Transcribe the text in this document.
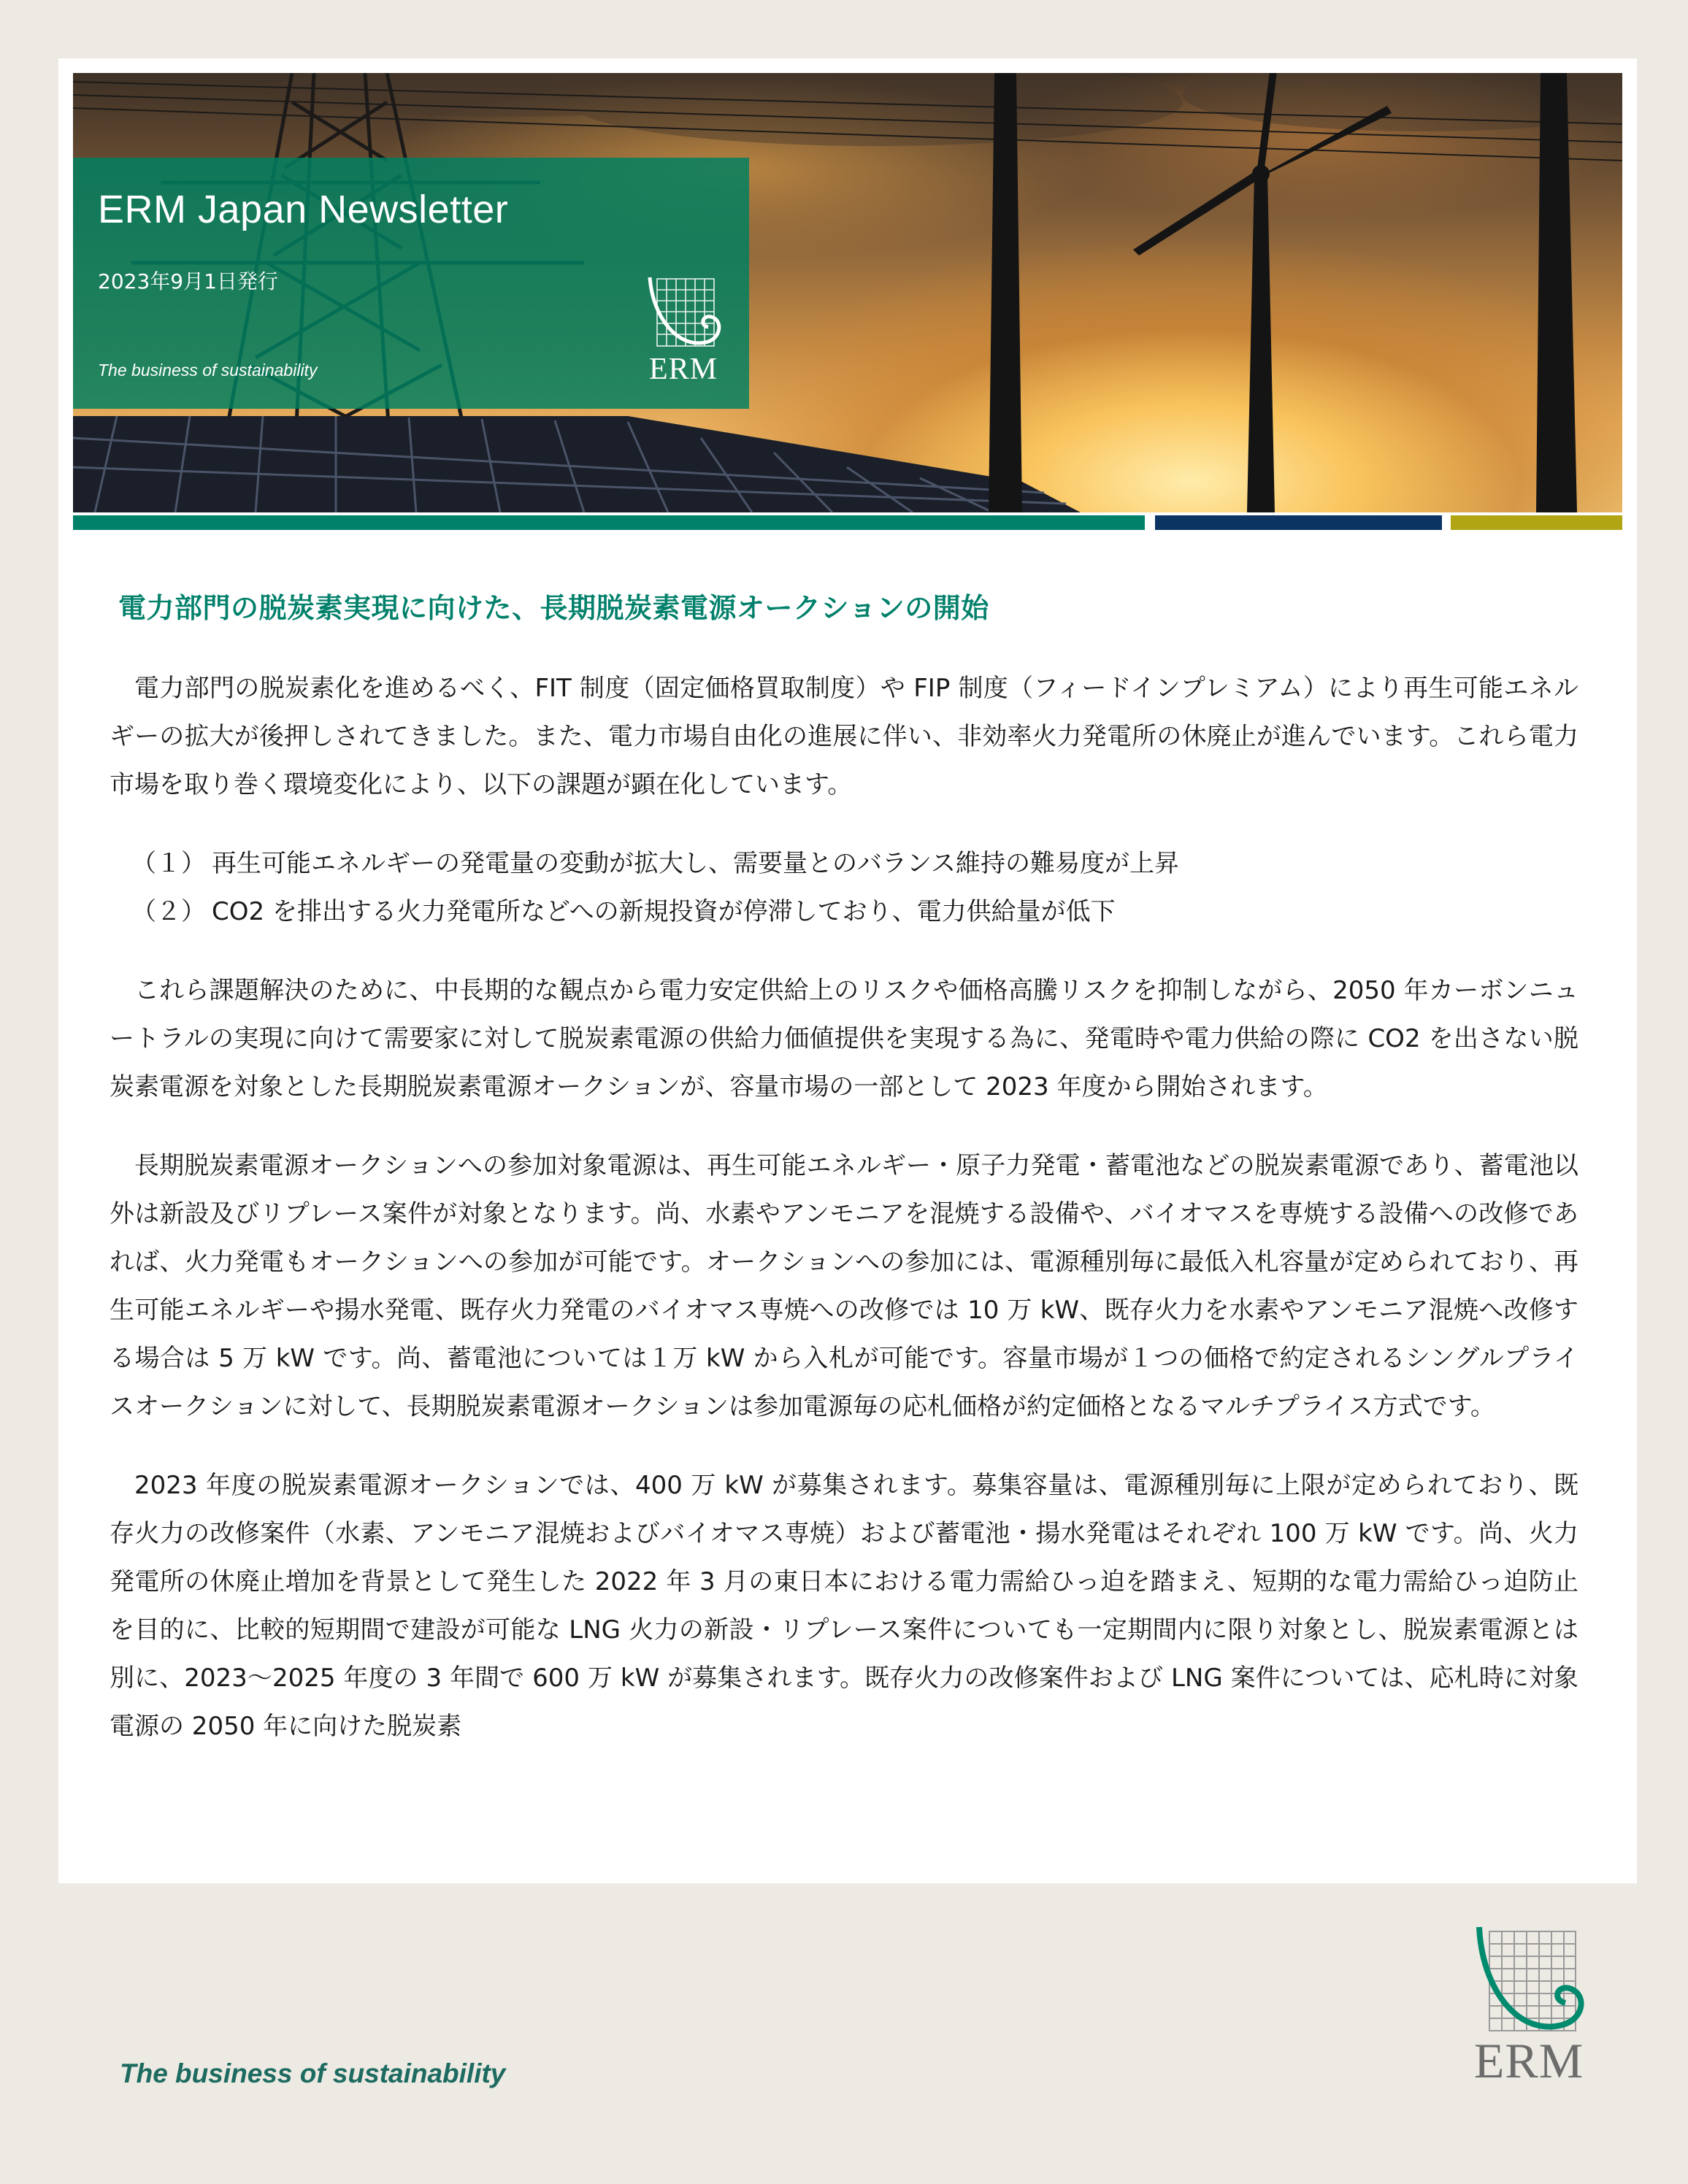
ERM Japan Newsletter
2023年9月1日発行
The business of sustainability	ERM
電力部門の脱炭素実現に向けた、長期脱炭素電源オークションの開始

電力部門の脱炭素化を進めるべく、FIT 制度（固定価格買取制度）や FIP 制度（フィードインプレミアム）により再生可能エネルギーの拡大が後押しされてきました。また、電力市場自由化の進展に伴い、非効率火力発電所の休廃止が進んでいます。これら電力市場を取り巻く環境変化により、以下の課題が顕在化しています。

（１） 再生可能エネルギーの発電量の変動が拡大し、需要量とのバランス維持の難易度が上昇
（２） CO2 を排出する火力発電所などへの新規投資が停滞しており、電力供給量が低下

これら課題解決のために、中長期的な観点から電力安定供給上のリスクや価格高騰リスクを抑制しながら、2050 年カーボンニュートラルの実現に向けて需要家に対して脱炭素電源の供給力価値提供を実現する為に、発電時や電力供給の際に CO2 を出さない脱炭素電源を対象とした長期脱炭素電源オークションが、容量市場の一部として 2023 年度から開始されます。

長期脱炭素電源オークションへの参加対象電源は、再生可能エネルギー・原子力発電・蓄電池などの脱炭素電源であり、蓄電池以外は新設及びリプレース案件が対象となります。尚、水素やアンモニアを混焼する設備や、バイオマスを専焼する設備への改修であれば、火力発電もオークションへの参加が可能です。オークションへの参加には、電源種別毎に最低入札容量が定められており、再生可能エネルギーや揚水発電、既存火力発電のバイオマス専焼への改修では 10 万 kW、既存火力を水素やアンモニア混焼へ改修する場合は 5 万 kW です。尚、蓄電池については１万 kW から入札が可能です。容量市場が１つの価格で約定されるシングルプライスオークションに対して、長期脱炭素電源オークションは参加電源毎の応札価格が約定価格となるマルチプライス方式です。

2023 年度の脱炭素電源オークションでは、400 万 kW が募集されます。募集容量は、電源種別毎に上限が定められており、既存火力の改修案件（水素、アンモニア混焼およびバイオマス専焼）および蓄電池・揚水発電はそれぞれ 100 万 kW です。尚、火力発電所の休廃止増加を背景として発生した 2022 年 3 月の東日本における電力需給ひっ迫を踏まえ、短期的な電力需給ひっ迫防止を目的に、比較的短期間で建設が可能な LNG 火力の新設・リプレース案件についても一定期間内に限り対象とし、脱炭素電源とは別に、2023〜2025 年度の 3 年間で 600 万 kW が募集されます。既存火力の改修案件および LNG 案件については、応札時に対象電源の 2050 年に向けた脱炭素

The business of sustainability	ERM
